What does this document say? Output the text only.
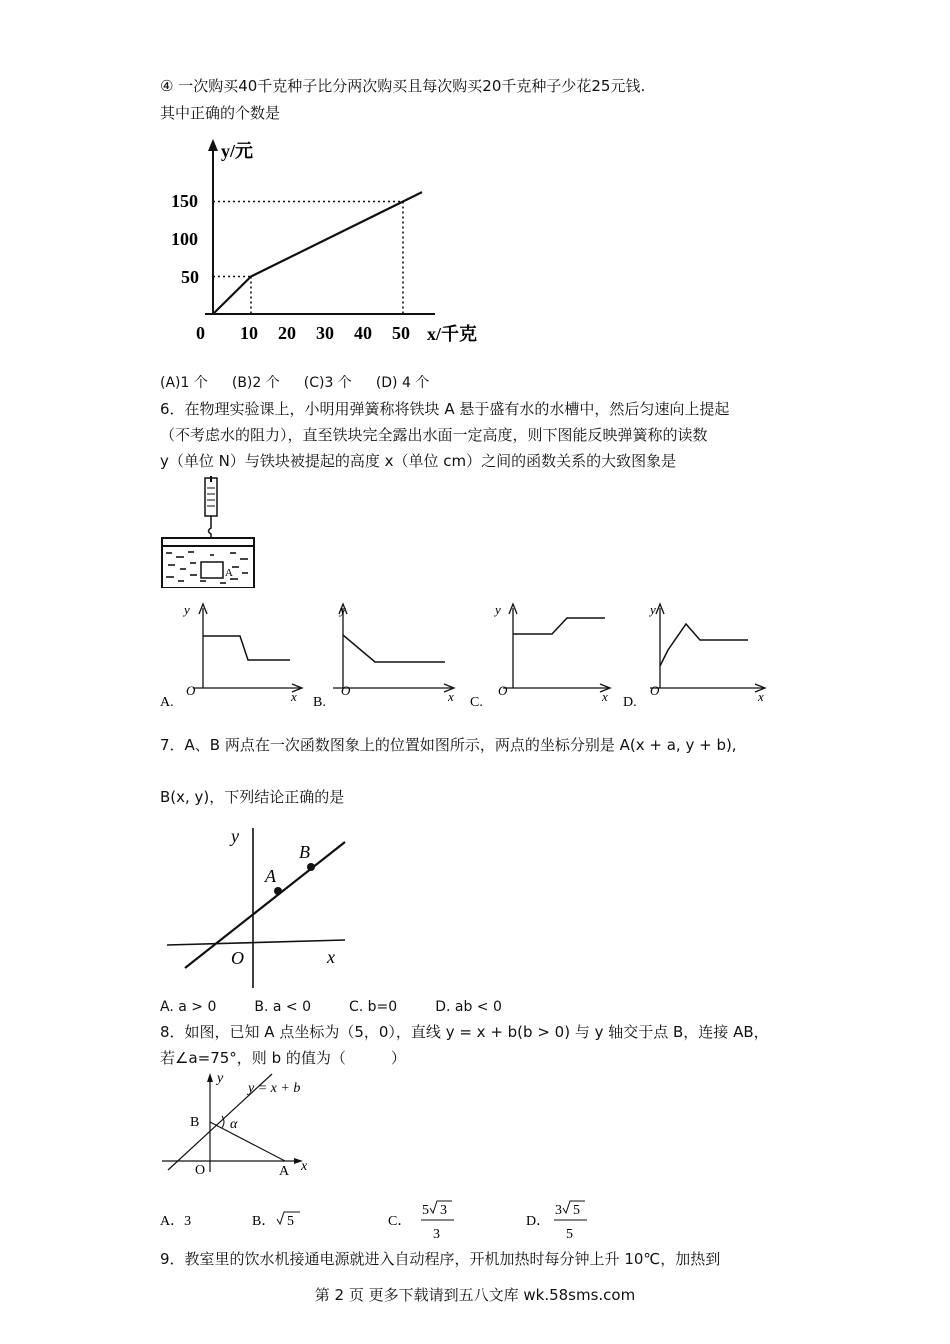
④ 一次购买40千克种子比分两次购买且每次购买20千克种子少花25元钱.
其中正确的个数是
y/元
x/千克
0
150
100
50
10 20 30 40 50
(A)1 个 (B)2 个 (C)3 个 (D) 4 个
6．在物理实验课上，小明用弹簧称将铁块 A 悬于盛有水的水槽中，然后匀速向上提起
（不考虑水的阻力），直至铁块完全露出水面一定高度，则下图能反映弹簧称的读数
y（单位 N）与铁块被提起的高度 x（单位 cm）之间的函数关系的大致图象是
A
y
O	x
y
O	x
y
O	x
y
O	x
A.	B.	C.	D.
7．A、B 两点在一次函数图象上的位置如图所示，两点的坐标分别是 A(x + a, y + b),
B(x, y)，下列结论正确的是
y
x
O
A
B
A. a > 0	B. a < 0	C. b=0	D. ab < 0
8．如图，已知 A 点坐标为（5，0），直线 y = x + b(b > 0) 与 y 轴交于点 B，连接 AB，
若∠a=75°，则 b 的值为（　　　）
y
x
O	A
B α
y = x + b
A．3	B． 5	C．
5 3
3
D．
3 5
5
9．教室里的饮水机接通电源就进入自动程序，开机加热时每分钟上升 10℃，加热到
第 2 页 更多下载请到五八文库 wk.58sms.com
